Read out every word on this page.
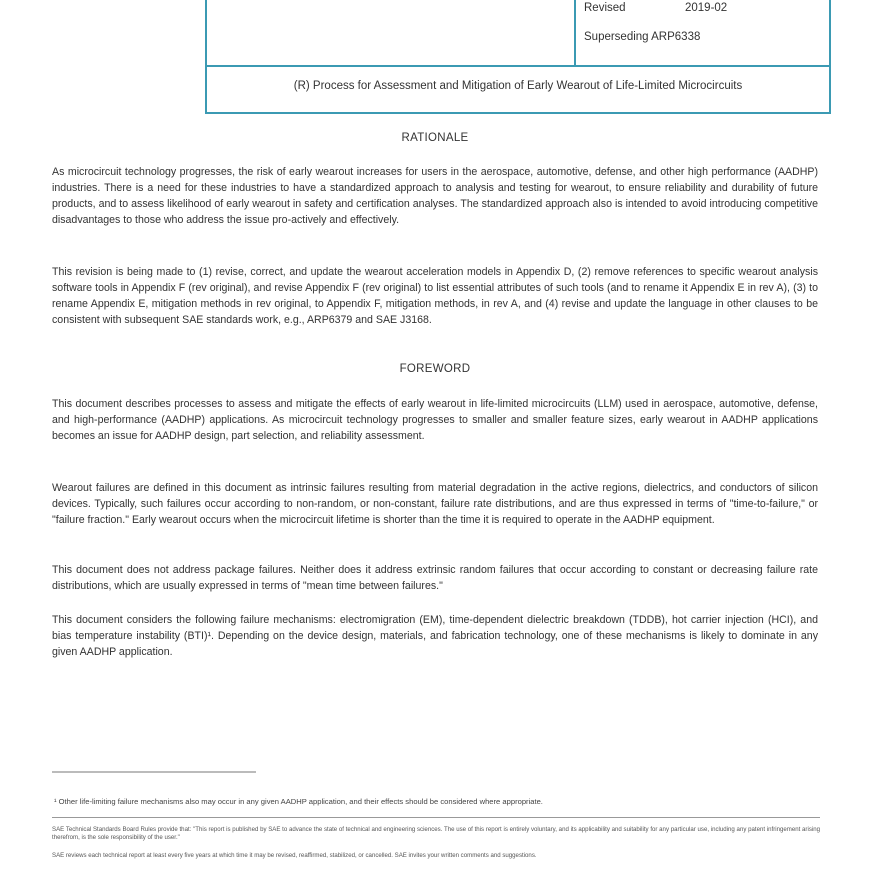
Revised	2019-02
Superseding ARP6338
(R) Process for Assessment and Mitigation of Early Wearout of Life-Limited Microcircuits
RATIONALE

As microcircuit technology progresses, the risk of early wearout increases for users in the aerospace, automotive, defense, and other high performance (AADHP) industries. There is a need for these industries to have a standardized approach to analysis and testing for wearout, to ensure reliability and durability of future products, and to assess likelihood of early wearout in safety and certification analyses. The standardized approach also is intended to avoid introducing competitive disadvantages to those who address the issue pro-actively and effectively.

This revision is being made to (1) revise, correct, and update the wearout acceleration models in Appendix D, (2) remove references to specific wearout analysis software tools in Appendix F (rev original), and revise Appendix F (rev original) to list essential attributes of such tools (and to rename it Appendix E in rev A), (3) to rename Appendix E, mitigation methods in rev original, to Appendix F, mitigation methods, in rev A, and (4) revise and update the language in other clauses to be consistent with subsequent SAE standards work, e.g., ARP6379 and SAE J3168.

FOREWORD

This document describes processes to assess and mitigate the effects of early wearout in life-limited microcircuits (LLM) used in aerospace, automotive, defense, and high-performance (AADHP) applications. As microcircuit technology progresses to smaller and smaller feature sizes, early wearout in AADHP applications becomes an issue for AADHP design, part selection, and reliability assessment.

Wearout failures are defined in this document as intrinsic failures resulting from material degradation in the active regions, dielectrics, and conductors of silicon devices. Typically, such failures occur according to non-random, or non-constant, failure rate distributions, and are thus expressed in terms of "time-to-failure," or "failure fraction." Early wearout occurs when the microcircuit lifetime is shorter than the time it is required to operate in the AADHP equipment.

This document does not address package failures. Neither does it address extrinsic random failures that occur according to constant or decreasing failure rate distributions, which are usually expressed in terms of "mean time between failures."

This document considers the following failure mechanisms: electromigration (EM), time-dependent dielectric breakdown (TDDB), hot carrier injection (HCI), and bias temperature instability (BTI)¹. Depending on the device design, materials, and fabrication technology, one of these mechanisms is likely to dominate in any given AADHP application.

¹ Other life-limiting failure mechanisms also may occur in any given AADHP application, and their effects should be considered where appropriate.

SAE Technical Standards Board Rules provide that: "This report is published by SAE to advance the state of technical and engineering sciences. The use of this report is entirely voluntary, and its applicability and suitability for any particular use, including any patent infringement arising therefrom, is the sole responsibility of the user."

SAE reviews each technical report at least every five years at which time it may be revised, reaffirmed, stabilized, or cancelled. SAE invites your written comments and suggestions.
